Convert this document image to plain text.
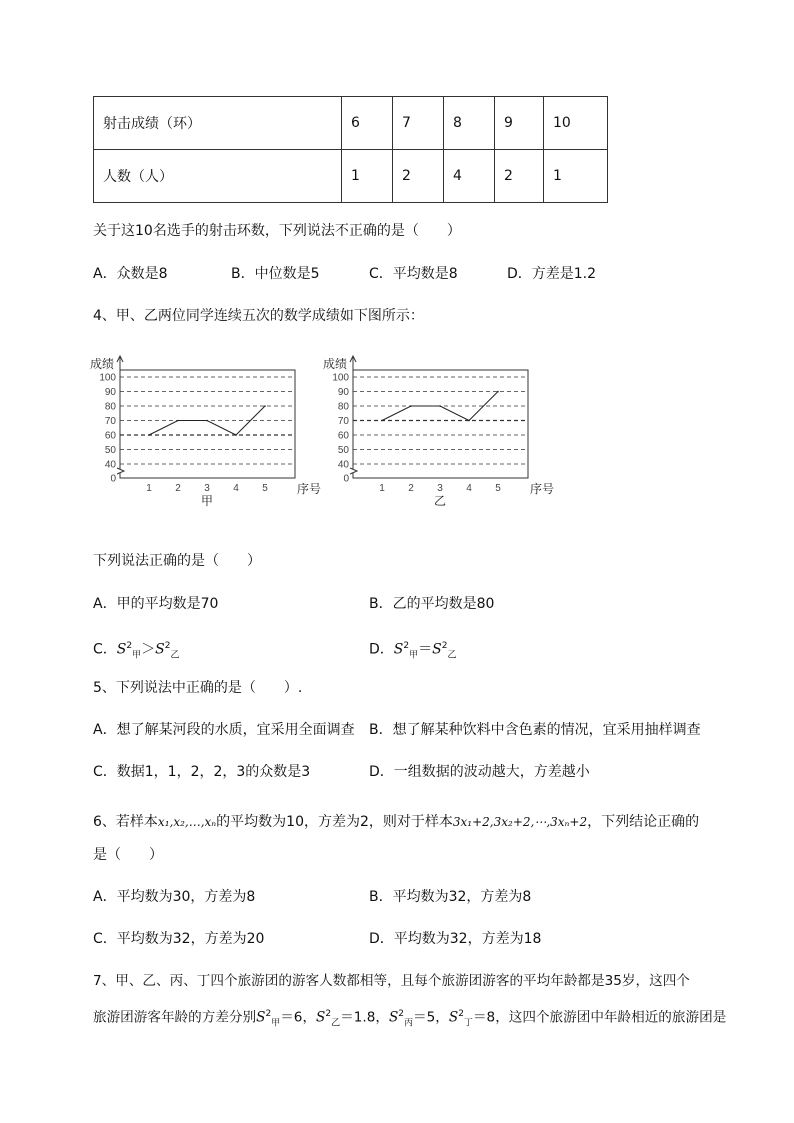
射击成绩（环）	6	7	8	9	10
人数（人）	1	2	4	2	1
关于这10名选手的射击环数，下列说法不正确的是（　　）
A．众数是8	B．中位数是5	C．平均数是8	D．方差是1.2
4、甲、乙两位同学连续五次的数学成绩如下图所示：
0
40
50
60
70
80
90
100
成绩
1 2 3 4 5 序号
甲
0
40
50
60
70
80
90
100
成绩
1 2 3 4 5 序号
乙
下列说法正确的是（　　）
A．甲的平均数是70	B．乙的平均数是80
C．$S^2_甲>S^2_乙$	D．$S^2_甲=S^2_乙$
5、下列说法中正确的是（　　）.
A．想了解某河段的水质，宜采用全面调查 B．想了解某种饮料中含色素的情况，宜采用抽样调查
C．数据1，1，2，2，3的众数是3	D．一组数据的波动越大，方差越小
6、若样本x₁,x₂,…,xₙ的平均数为10，方差为2，则对于样本3x₁+2,3x₂+2,⋯,3xₙ+2，下列结论正确的
是（　　）
A．平均数为30，方差为8	B．平均数为32，方差为8
C．平均数为32，方差为20	D．平均数为32，方差为18
7、甲、乙、丙、丁四个旅游团的游客人数都相等，且每个旅游团游客的平均年龄都是35岁，这四个
旅游团游客年龄的方差分别$S^2_甲=6$，$S^2_乙=1.8$，$S^2_丙=5$，$S^2_丁=8$，这四个旅游团中年龄相近的旅游团是
